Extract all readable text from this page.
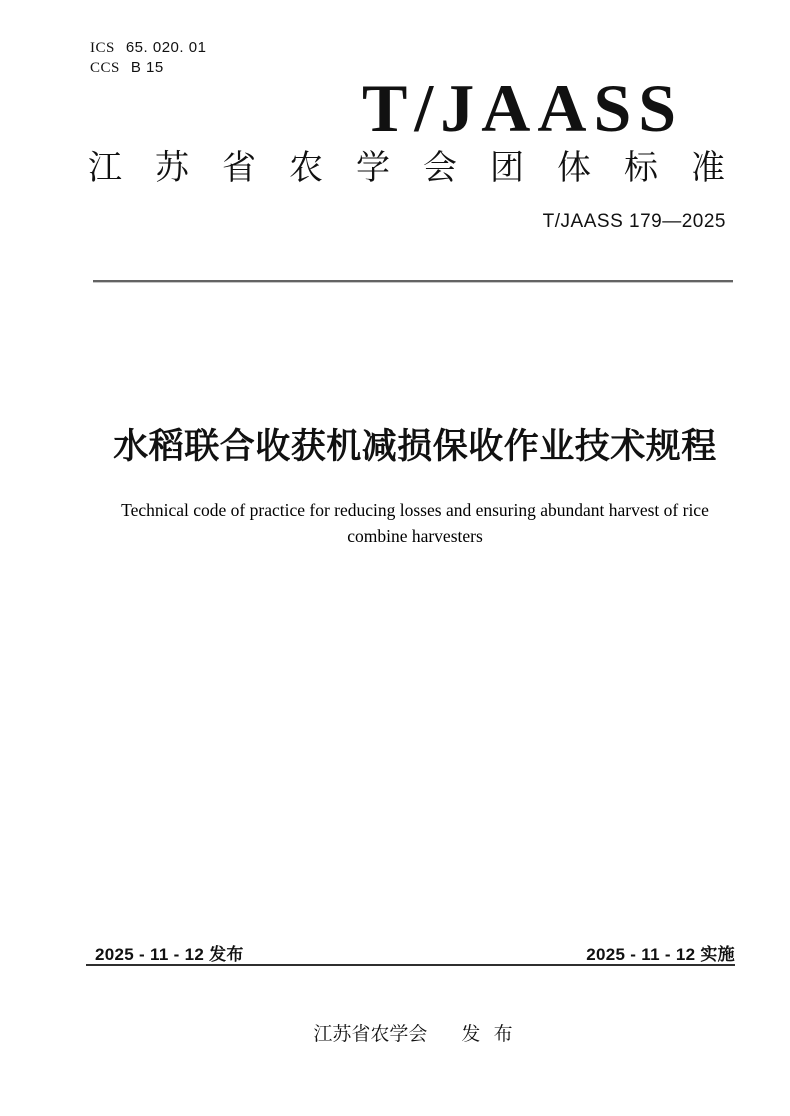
ICS 65. 020. 01
CCS B 15
T/JAASS
江苏省农学会团体标准
T/JAASS 179—2025
水稻联合收获机减损保收作业技术规程
Technical code of practice for reducing losses and ensuring abundant harvest of rice
combine harvesters
2025 - 11 - 12 发布	2025 - 11 - 12 实施
江苏省农学会 发 布
